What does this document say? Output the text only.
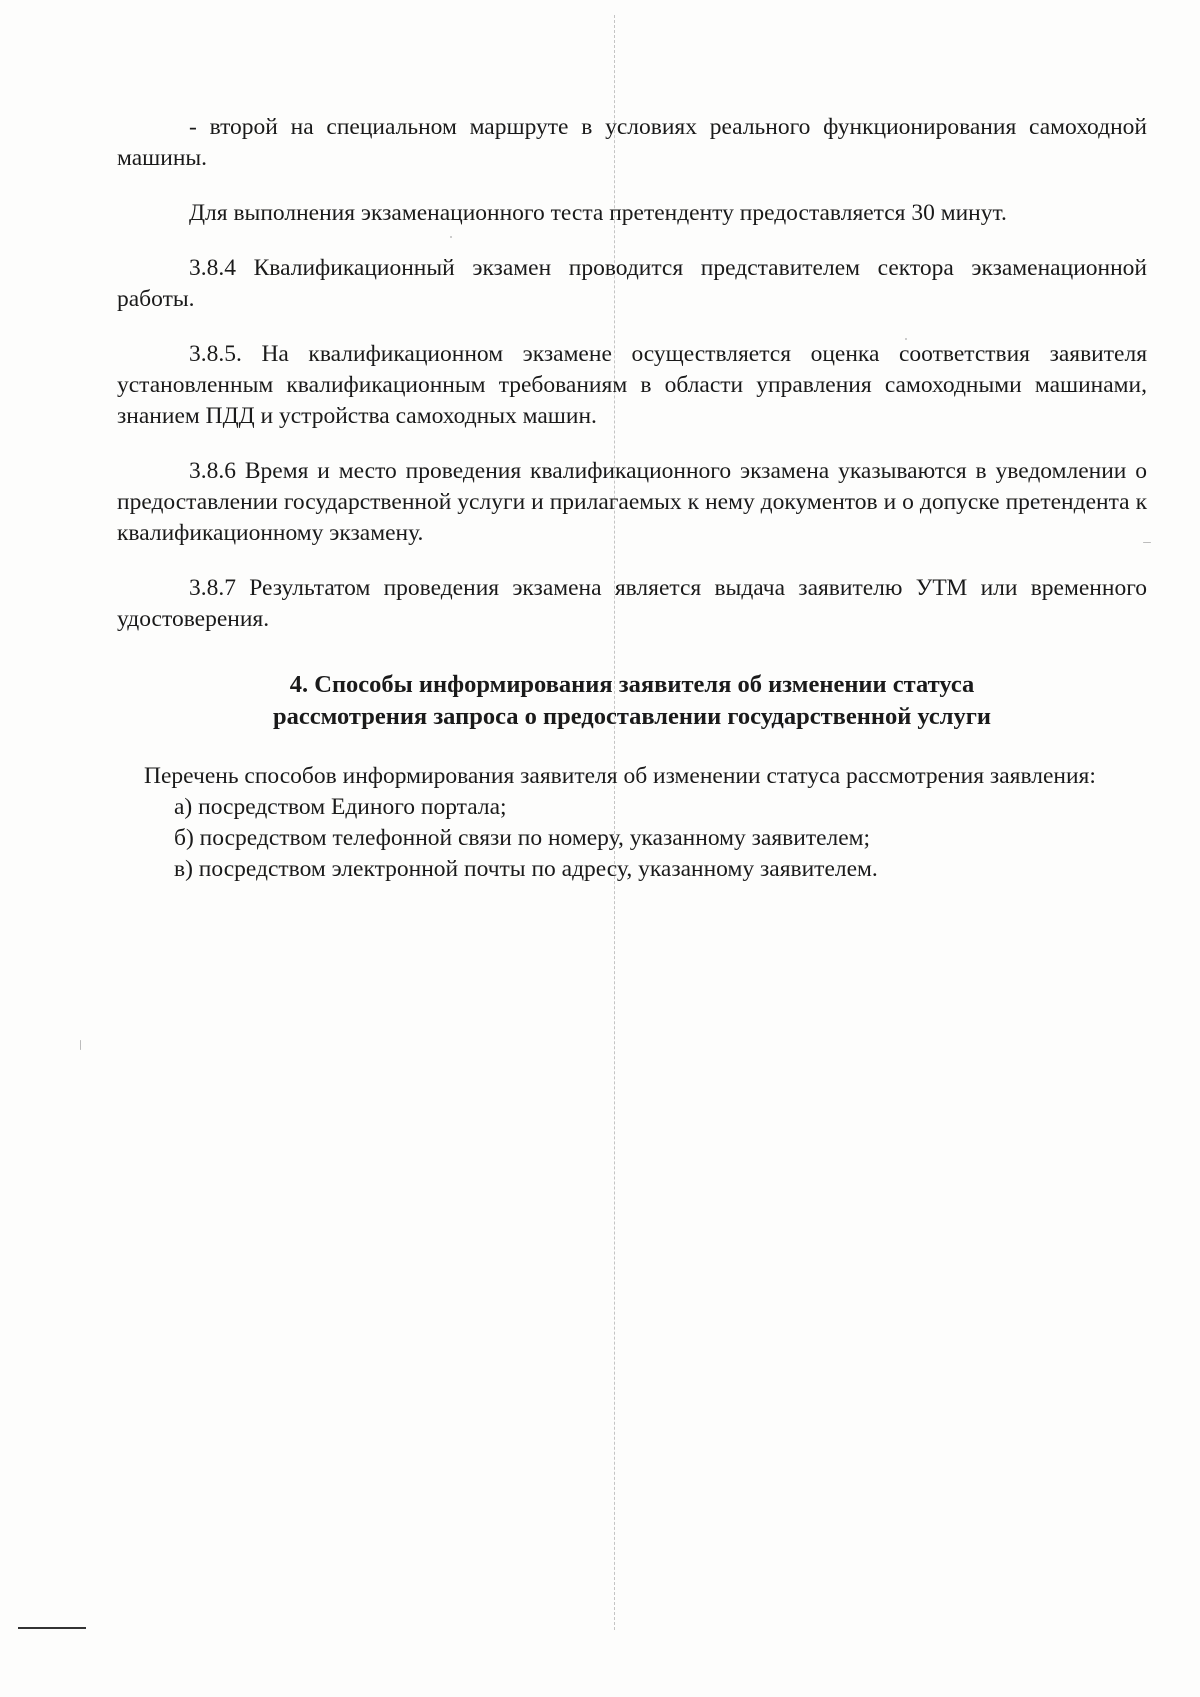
- второй на специальном маршруте в условиях реального функционирования самоходной машины.

Для выполнения экзаменационного теста претенденту предоставляется 30 минут.

3.8.4 Квалификационный экзамен проводится представителем сектора экзаменационной работы.

3.8.5. На квалификационном экзамене осуществляется оценка соответствия заявителя установленным квалификационным требованиям в области управления самоходными машинами, знанием ПДД и устройства самоходных машин.

3.8.6 Время и место проведения квалификационного экзамена указываются в уведомлении о предоставлении государственной услуги и прилагаемых к нему документов и о допуске претендента к квалификационному экзамену.

3.8.7 Результатом проведения экзамена является выдача заявителю УТМ или временного удостоверения.

4. Способы информирования заявителя об изменении статуса
рассмотрения запроса о предоставлении государственной услуги

Перечень способов информирования заявителя об изменении статуса рассмотрения заявления:

а) посредством Единого портала;
б) посредством телефонной связи по номеру, указанному заявителем;
в) посредством электронной почты по адресу, указанному заявителем.
